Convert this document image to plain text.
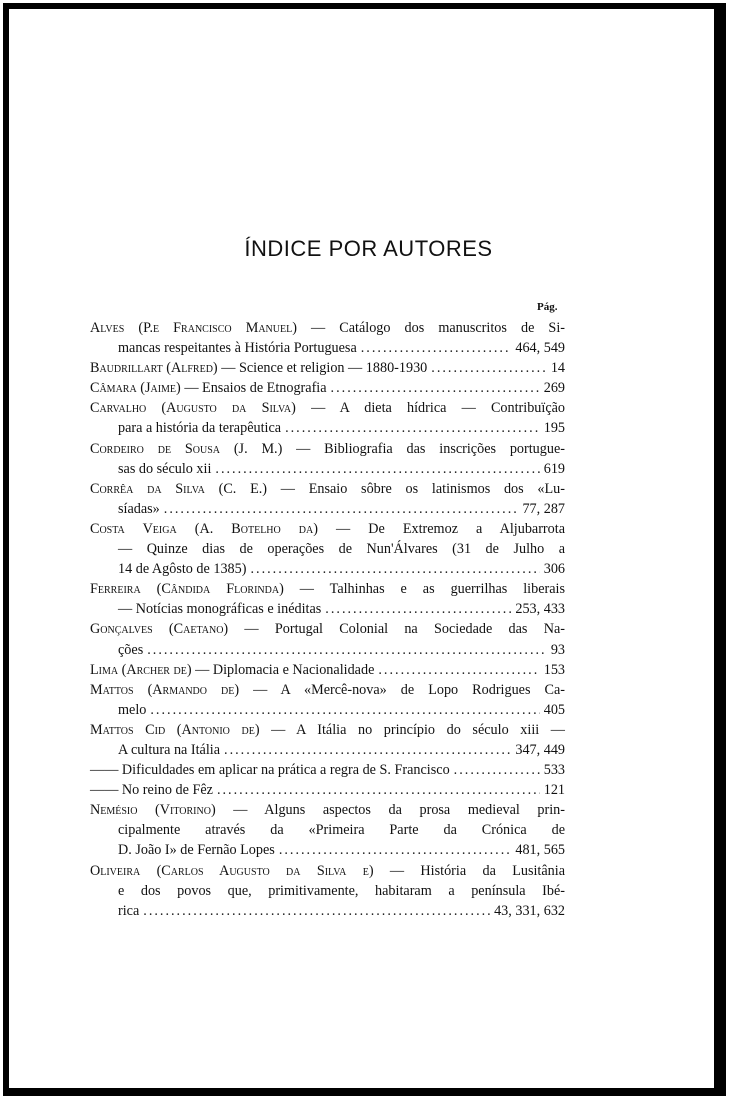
ÍNDICE POR AUTORES
Pág.
Alves (P.e Francisco Manuel) — Catálogo dos manuscritos de Si-
mancas respeitantes à História Portuguesa .....	464, 549
Baudrillart (Alfred) — Science et religion — 1880-1930 .....	14
Câmara (Jaime) — Ensaios de Etnografia .....	269
Carvalho (Augusto da Silva) — A dieta hídrica — Contribuïção
para a história da terapêutica .....	195
Cordeiro de Sousa (J. M.) — Bibliografia das inscrições portugue-
sas do século xii .....	619
Corrêa da Silva (C. E.) — Ensaio sôbre os latinismos dos «Lu-
síadas» .....	77, 287
Costa Veiga (A. Botelho da) — De Extremoz a Aljubarrota
— Quinze dias de operações de Nun'Álvares (31 de Julho a
14 de Agôsto de 1385) .....	306
Ferreira (Cândida Florinda) — Talhinhas e as guerrilhas liberais
— Notícias monográficas e inéditas .....	253, 433
Gonçalves (Caetano) — Portugal Colonial na Sociedade das Na-
ções .....	93
Lima (Archer de) — Diplomacia e Nacionalidade .....	153
Mattos (Armando de) — A «Mercê-nova» de Lopo Rodrigues Ca-
melo .....	405
Mattos Cid (Antonio de) — A Itália no princípio do século xiii —
A cultura na Itália .....	347, 449
—— Dificuldades em aplicar na prática a regra de S. Francisco .....	533
—— No reino de Fêz .....	121
Nemésio (Vitorino) — Alguns aspectos da prosa medieval prin-
cipalmente através da «Primeira Parte da Crónica de
D. João I» de Fernão Lopes .....	481, 565
Oliveira (Carlos Augusto da Silva e) — História da Lusitânia
e dos povos que, primitivamente, habitaram a península Ibé-
rica .....	43, 331, 632
